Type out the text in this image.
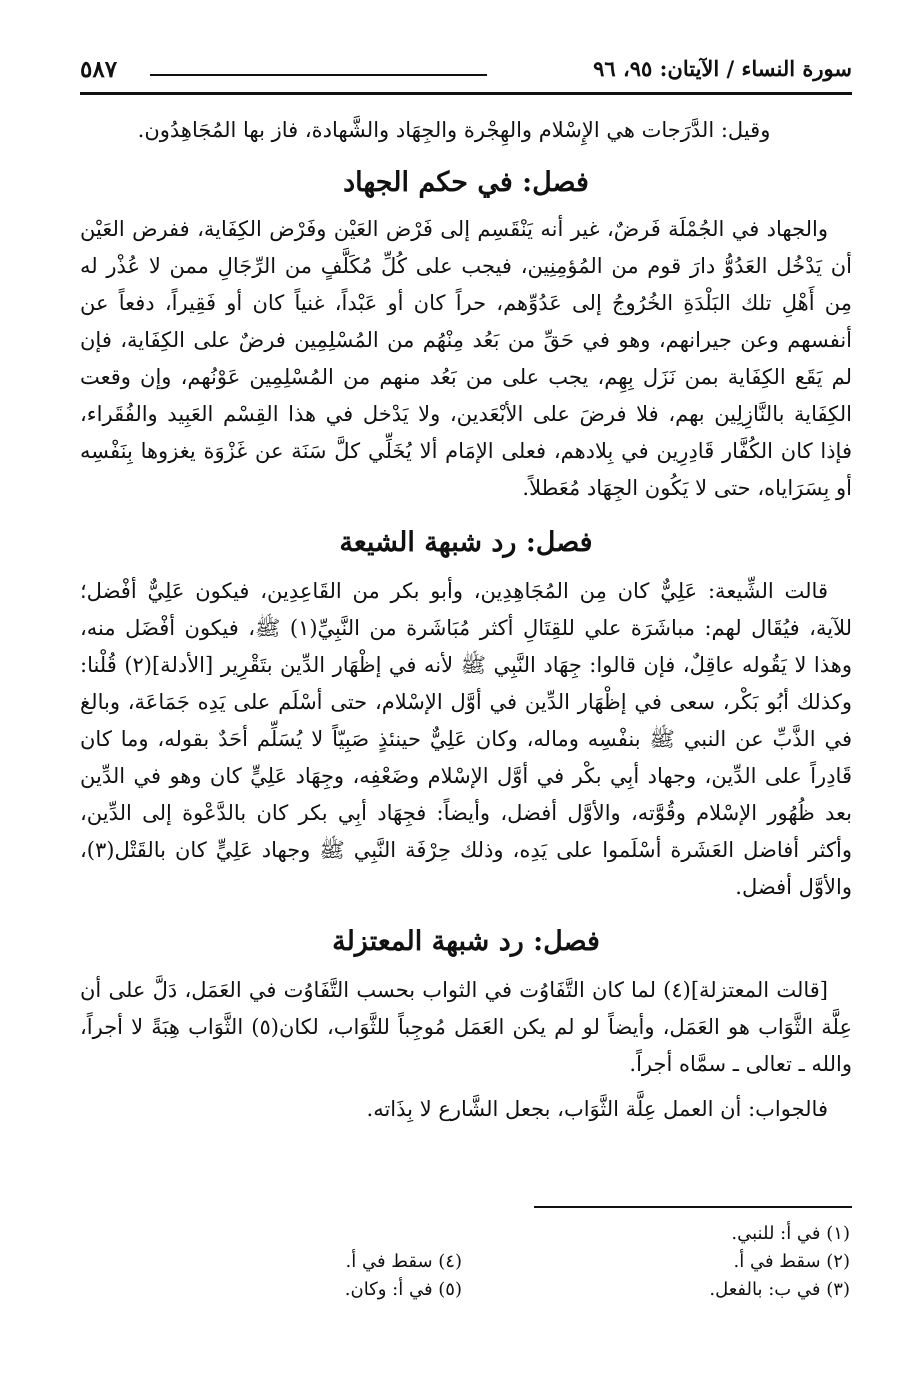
سورة النساء / الآيتان: ٩٥، ٩٦
٥٨٧

وقيل: الدَّرَجات هي الإِسْلام والهِجْرة والجِهَاد والشَّهادة، فاز بها المُجَاهِدُون.

فصل: في حكم الجهاد

والجهاد في الجُمْلَة فَرضٌ، غير أنه يَنْقَسِم إلى فَرْض العَيْن وفَرْض الكِفَاية، ففرض العَيْن أن يَدْخُل العَدُوُّ دارَ قوم من المُؤمِنِين، فيجب على كُلِّ مُكَلَّفٍ من الرِّجَالِ ممن لا عُذْر له مِن أَهْلِ تلك البَلْدَةِ الخُرُوجُ إلى عَدُوِّهم، حراً كان أو عَبْداً، غنياً كان أو فَقِيراً، دفعاً عن أنفسهم وعن جيرانهم، وهو في حَقِّ من بَعُد مِنْهُم من المُسْلِمِين فرضٌ على الكِفَاية، فإن لم يَقَع الكِفَاية بمن نَزَل بِهِم، يجب على من بَعُد منهم من المُسْلِمِين عَوْنُهم، وإن وقعت الكِفَاية بالنَّازِلِين بهم، فلا فرضَ على الأبْعَدين، ولا يَدْخل في هذا القِسْم العَبِيد والفُقَراء، فإذا كان الكُفَّار قَادِرِين في بِلادهم، فعلى الإمَام ألا يُخَلِّي كلَّ سَنَة عن غَزْوَة يغزوها بِنَفْسِه أو بِسَرَاياه، حتى لا يَكُون الجِهَاد مُعَطلاً.

فصل: رد شبهة الشيعة

قالت الشِّيعة: عَلِيٌّ كان مِن المُجَاهِدِين، وأبو بكر من القَاعِدِين، فيكون عَلِيٌّ أفْضل؛ للآية، فيُقَال لهم: مباشَرَة علي للقِتَالِ أكثر مُبَاشَرة من النَّبِيِّ(١) ﷺ، فيكون أفْضَل منه، وهذا لا يَقُوله عاقِلٌ، فإن قالوا: جِهَاد النَّبِي ﷺ لأنه في إظْهَار الدِّين بتَقْرِير [الأدلة](٢) قُلْنا: وكذلك أبُو بَكْر، سعى في إظْهَار الدِّين في أوَّل الإسْلام، حتى أسْلَم على يَدِه جَمَاعَة، وبالغ في الذَّبِّ عن النبي ﷺ بنفْسِه وماله، وكان عَلِيٌّ حينئذٍ صَبِيّاً لا يُسَلِّم أحَدٌ بقوله، وما كان قَادِراً على الدِّين، وجهاد أبِي بكْر في أوَّل الإسْلام وضَعْفِه، وجِهَاد عَلِيٍّ كان وهو في الدِّين بعد ظُهُور الإسْلام وقُوَّته، والأوَّل أفضل، وأيضاً: فجِهَاد أبِي بكر كان بالدَّعْوة إلى الدِّين، وأكثر أفاضل العَشَرة أسْلَموا على يَدِه، وذلك حِرْفَة النَّبِي ﷺ وجهاد عَلِيٍّ كان بالقَتْل(٣)، والأوَّل أفضل.

فصل: رد شبهة المعتزلة

[قالت المعتزلة](٤) لما كان التَّفَاوُت في الثواب بحسب التَّفَاوُت في العَمَل، دَلَّ على أن عِلَّة الثَّوَاب هو العَمَل، وأيضاً لو لم يكن العَمَل مُوجِباً للثَّوَاب، لكان(٥) الثَّوَاب هِبَةً لا أجراً، والله ـ تعالى ـ سمَّاه أجراً.

فالجواب: أن العمل عِلَّة الثَّوَاب، بجعل الشَّارع لا بِذَاته.

(١) في أ: للنبي.
(٢) سقط في أ.
(٣) في ب: بالفعل.
(٤) سقط في أ.
(٥) في أ: وكان.
